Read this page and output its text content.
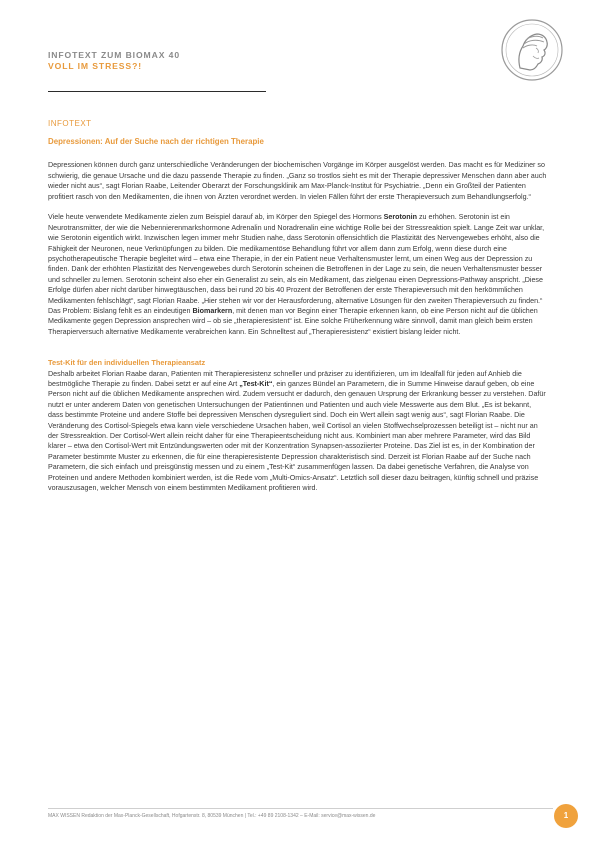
INFOTEXT ZUM BIOMAX 40
VOLL IM STRESS?!
INFOTEXT
Depressionen: Auf der Suche nach der richtigen Therapie

Depressionen können durch ganz unterschiedliche Veränderungen der biochemischen Vorgänge im Körper ausgelöst werden. Das macht es für Mediziner so schwierig, die genaue Ursache und die dazu passende Therapie zu finden. „Ganz so trostlos sieht es mit der Therapie depressiver Menschen dann aber auch wieder nicht aus“, sagt Florian Raabe, Leitender Oberarzt der Forschungsklinik am Max-Planck-Institut für Psychiatrie. „Denn ein Großteil der Patienten profitiert rasch von den Medikamenten, die ihnen von Ärzten verordnet werden. In vielen Fällen führt der erste Therapieversuch zum Behandlungserfolg.“

Viele heute verwendete Medikamente zielen zum Beispiel darauf ab, im Körper den Spiegel des Hormons Serotonin zu erhöhen. Serotonin ist ein Neurotransmitter, der wie die Nebennierenmarkshormone Adrenalin und Noradrenalin eine wichtige Rolle bei der Stressreaktion spielt. Lange Zeit war unklar, wie Serotonin eigentlich wirkt. Inzwischen legen immer mehr Studien nahe, dass Serotonin offensichtlich die Plastizität des Nervengewebes erhöht, also die Fähigkeit der Neuronen, neue Verknüpfungen zu bilden. Die medikamentöse Behandlung führt vor allem dann zum Erfolg, wenn diese durch eine psychotherapeutische Therapie begleitet wird – etwa eine Therapie, in der ein Patient neue Verhaltensmuster lernt, um einen Weg aus der Depression zu finden. Dank der erhöhten Plastizität des Nervengewebes durch Serotonin scheinen die Betroffenen in der Lage zu sein, die neuen Verhaltensmuster besser und schneller zu lernen. Serotonin scheint also eher ein Generalist zu sein, als ein Medikament, das zielgenau einen Depressions-Pathway anspricht. „Diese Erfolge dürfen aber nicht darüber hinwegtäuschen, dass bei rund 20 bis 40 Prozent der Betroffenen der erste Therapieversuch mit den herkömmlichen Medikamenten fehlschlägt“, sagt Florian Raabe. „Hier stehen wir vor der Herausforderung, alternative Lösungen für den zweiten Therapieversuch zu finden.“ Das Problem: Bislang fehlt es an eindeutigen Biomarkern, mit denen man vor Beginn einer Therapie erkennen kann, ob eine Person nicht auf die üblichen Medikamente gegen Depression ansprechen wird – ob sie „therapieresistent“ ist. Eine solche Früherkennung wäre sinnvoll, damit man gleich beim ersten Therapierversuch alternative Medikamente verabreichen kann. Ein Schnelltest auf „Therapieresistenz“ existiert bislang leider nicht.

Test-Kit für den individuellen Therapieansatz

Deshalb arbeitet Florian Raabe daran, Patienten mit Therapieresistenz schneller und präziser zu identifizieren, um im Idealfall für jeden auf Anhieb die bestmögliche Therapie zu finden. Dabei setzt er auf eine Art „Test-Kit“, ein ganzes Bündel an Parametern, die in Summe Hinweise darauf geben, ob eine Person nicht auf die üblichen Medikamente ansprechen wird. Zudem versucht er dadurch, den genauen Ursprung der Erkrankung besser zu verstehen. Dafür nutzt er unter anderem Daten von genetischen Untersuchungen der Patientinnen und Patienten und auch viele Messwerte aus dem Blut. „Es ist bekannt, dass bestimmte Proteine und andere Stoffe bei depressiven Menschen dysreguliert sind. Doch ein Wert allein sagt wenig aus“, sagt Florian Raabe. Die Veränderung des Cortisol-Spiegels etwa kann viele verschiedene Ursachen haben, weil Cortisol an vielen Stoffwechselprozessen beteiligt ist – nicht nur an der Stressreaktion. Der Cortisol-Wert allein reicht daher für eine Therapieentscheidung nicht aus. Kombiniert man aber mehrere Parameter, wird das Bild klarer – etwa den Cortisol-Wert mit Entzündungswerten oder mit der Konzentration Synapsen-assoziierter Proteine. Das Ziel ist es, in der Kombination der Parameter bestimmte Muster zu erkennen, die für eine therapieresistente Depression charakteristisch sind. Derzeit ist Florian Raabe auf der Suche nach Parametern, die sich einfach und preisgünstig messen und zu einem „Test-Kit“ zusammenfügen lassen. Da dabei genetische Verfahren, die Analyse von Proteinen und andere Methoden kombiniert werden, ist die Rede vom „Multi-Omics-Ansatz“. Letztlich soll dieser dazu beitragen, künftig schnell und präzise vorauszusagen, welcher Mensch von einem bestimmten Medikament profitieren wird.

MAX WISSEN Redaktion der Max-Planck-Gesellschaft, Hofgartenstr. 8, 80539 München | Tel.: +49 89 2108-1342 – E-Mail: service@max-wissen.de	1
